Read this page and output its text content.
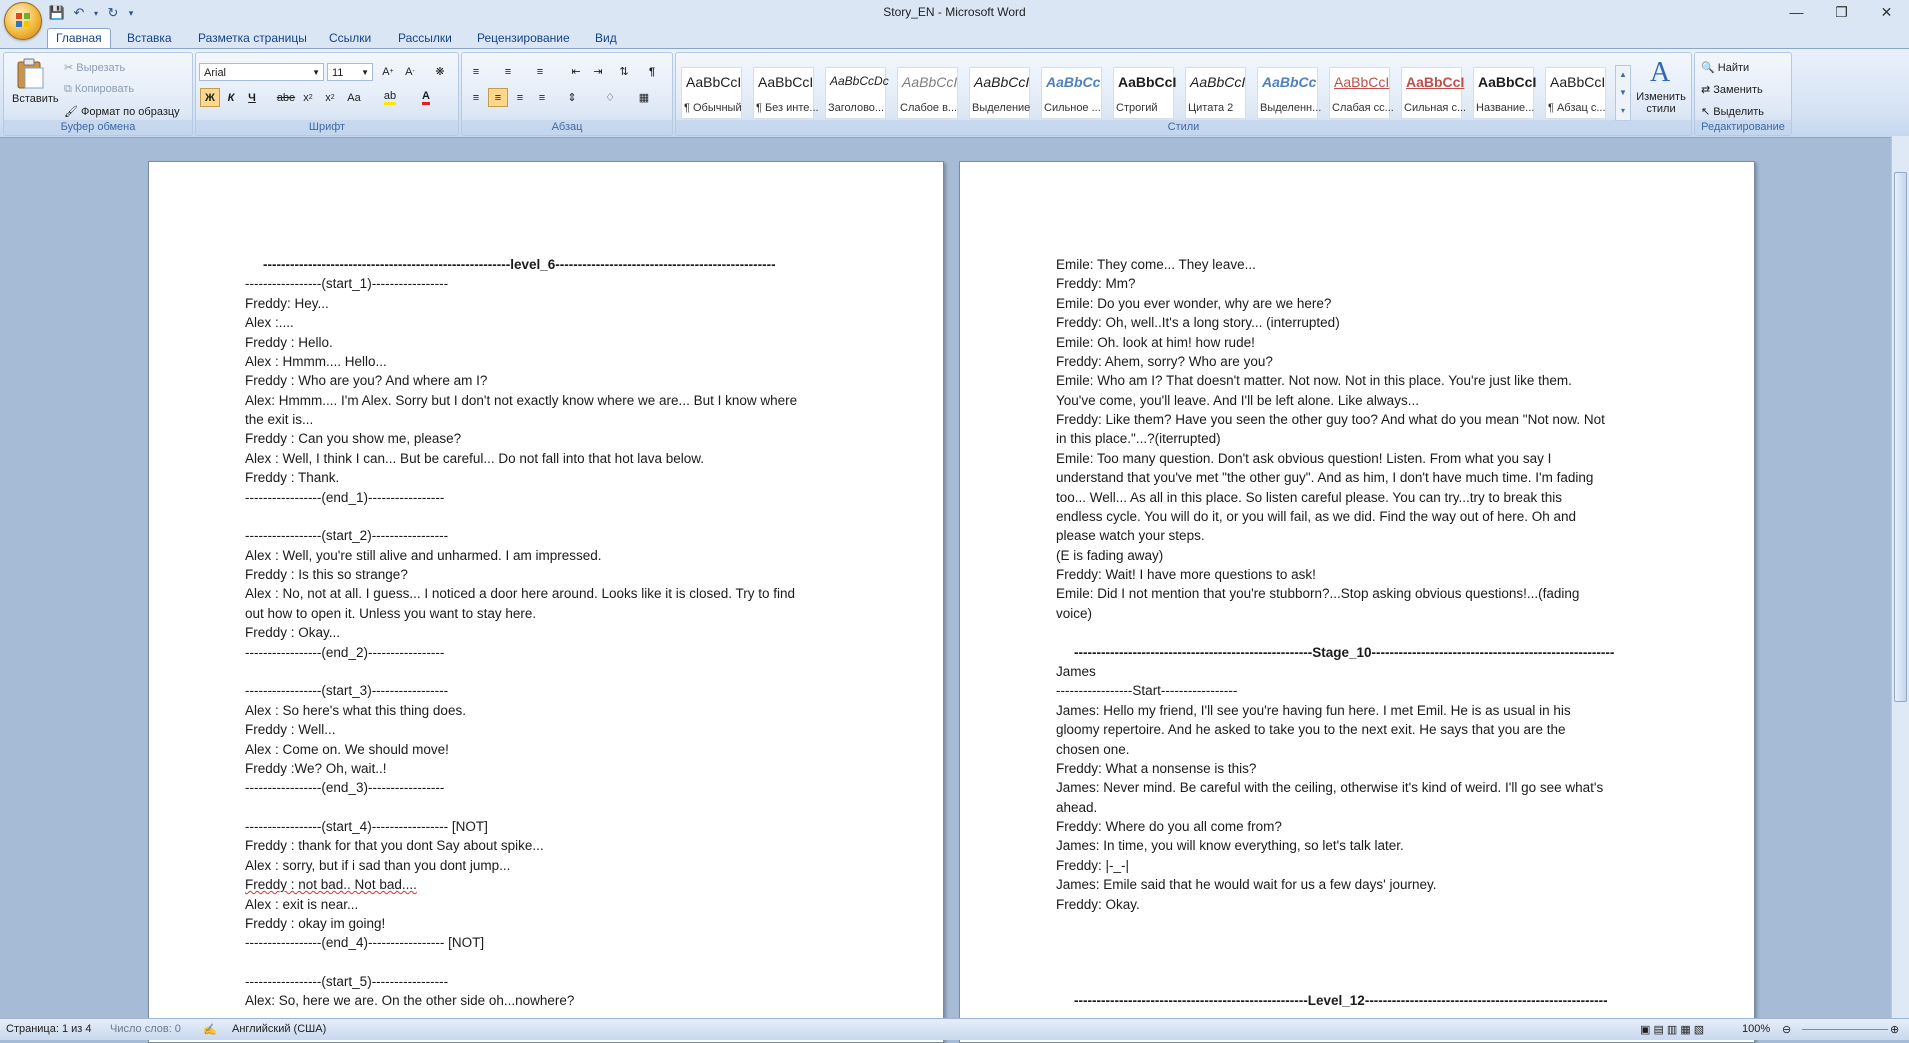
Story_EN - Microsoft Word
💾 ↶	▾ ↻	▾	—	❐	✕
Главная	Вставка	Разметка страницы	Ссылки	Рассылки	Рецензирование	Вид
Вставить
✂ Вырезать
⧉ Копировать
🖌 Формат по образцу
Буфер обмена
Arial	▼	11 ▼	A +	A -	❋
Ж	К	Ч	abe x 2	x 2 Aa ab A
Шрифт
≡	≡	≡	⇤	⇥	⇅	¶
≡	≡	≡	≡	⇕	♢	▦
Абзац
AaBbCcI
¶ Обычный
AaBbCcI
¶ Без инте...
AaBbCcDc
Заголово...
AaBbCcI
Слабое в...
AaBbCcI
Выделение
AaBbCc
Сильное ...
AaBbCcI
Строгий
AaBbCcI
Цитата 2
AaBbCc
Выделенн...
AaBbCcI
Слабая сс...
AaBbCcI
Сильная с...
AaBbCcI
Название...
AaBbCcI
¶ Абзац с...
▲
▼
▾
A
Изменить стили
Стили
🔍 Найти
⇄ Заменить
↖ Выделить
Редактирование
-------------------------------------------------------level_6-------------------------------------------------
-----------------(start_1)-----------------
Freddy: Hey...
Alex :....
Freddy : Hello.
Alex : Hmmm.... Hello...
Freddy : Who are you? And where am I?
Alex: Hmmm.... I'm Alex. Sorry but I don't not exactly know where we are... But I know where
the exit is...
Freddy : Can you show me, please?
Alex : Well, I think I can... But be careful... Do not fall into that hot lava below.
Freddy : Thank.
-----------------(end_1)-----------------
-----------------(start_2)-----------------
Alex : Well, you're still alive and unharmed. I am impressed.
Freddy : Is this so strange?
Alex : No, not at all. I guess... I noticed a door here around. Looks like it is closed. Try to find
out how to open it. Unless you want to stay here.
Freddy : Okay...
-----------------(end_2)-----------------
-----------------(start_3)-----------------
Alex : So here's what this thing does.
Freddy : Well...
Alex : Come on. We should move!
Freddy :We? Oh, wait..!
-----------------(end_3)-----------------
-----------------(start_4)----------------- [NOT]
Freddy : thank for that you dont Say about spike...
Alex : sorry, but if i sad than you dont jump...
Freddy : not bad.. Not bad....
Alex : exit is near...
Freddy : okay im going!
-----------------(end_4)----------------- [NOT]
-----------------(start_5)-----------------
Alex: So, here we are. On the other side oh...nowhere?
Emile: They come... They leave...
Freddy: Mm?
Emile: Do you ever wonder, why are we here?
Freddy: Oh, well..It's a long story... (interrupted)
Emile: Oh. look at him! how rude!
Freddy: Ahem, sorry? Who are you?
Emile: Who am I? That doesn't matter. Not now. Not in this place. You're just like them.
You've come, you'll leave. And I'll be left alone. Like always...
Freddy: Like them? Have you seen the other guy too? And what do you mean "Not now. Not
in this place."...?(iterrupted)
Emile: Too many question. Don't ask obvious question! Listen. From what you say I
understand that you've met "the other guy". And as him, I don't have much time. I'm fading
too... Well... As all in this place. So listen careful please. You can try...try to break this
endless cycle. You will do it, or you will fail, as we did. Find the way out of here. Oh and
please watch your steps.
(E is fading away)
Freddy: Wait! I have more questions to ask!
Emile: Did I not mention that you're stubborn?...Stop asking obvious questions!...(fading
voice)
-----------------------------------------------------Stage_10------------------------------------------------------
James
-----------------Start-----------------
James: Hello my friend, I'll see you're having fun here. I met Emil. He is as usual in his
gloomy repertoire. And he asked to take you to the next exit. He says that you are the
chosen one.
Freddy: What a nonsense is this?
James: Never mind. Be careful with the ceiling, otherwise it's kind of weird. I'll go see what's
ahead.
Freddy: Where do you all come from?
James: In time, you will know everything, so let's talk later.
Freddy: |-_-|
James: Emile said that he would wait for us a few days' journey.
Freddy: Okay.
----------------------------------------------------Level_12------------------------------------------------------
Страница: 1 из 4 Число слов: 0 ✍ Английский (США)	▣ ▤ ▥ ▦ ▧	100% ⊖	⊕
